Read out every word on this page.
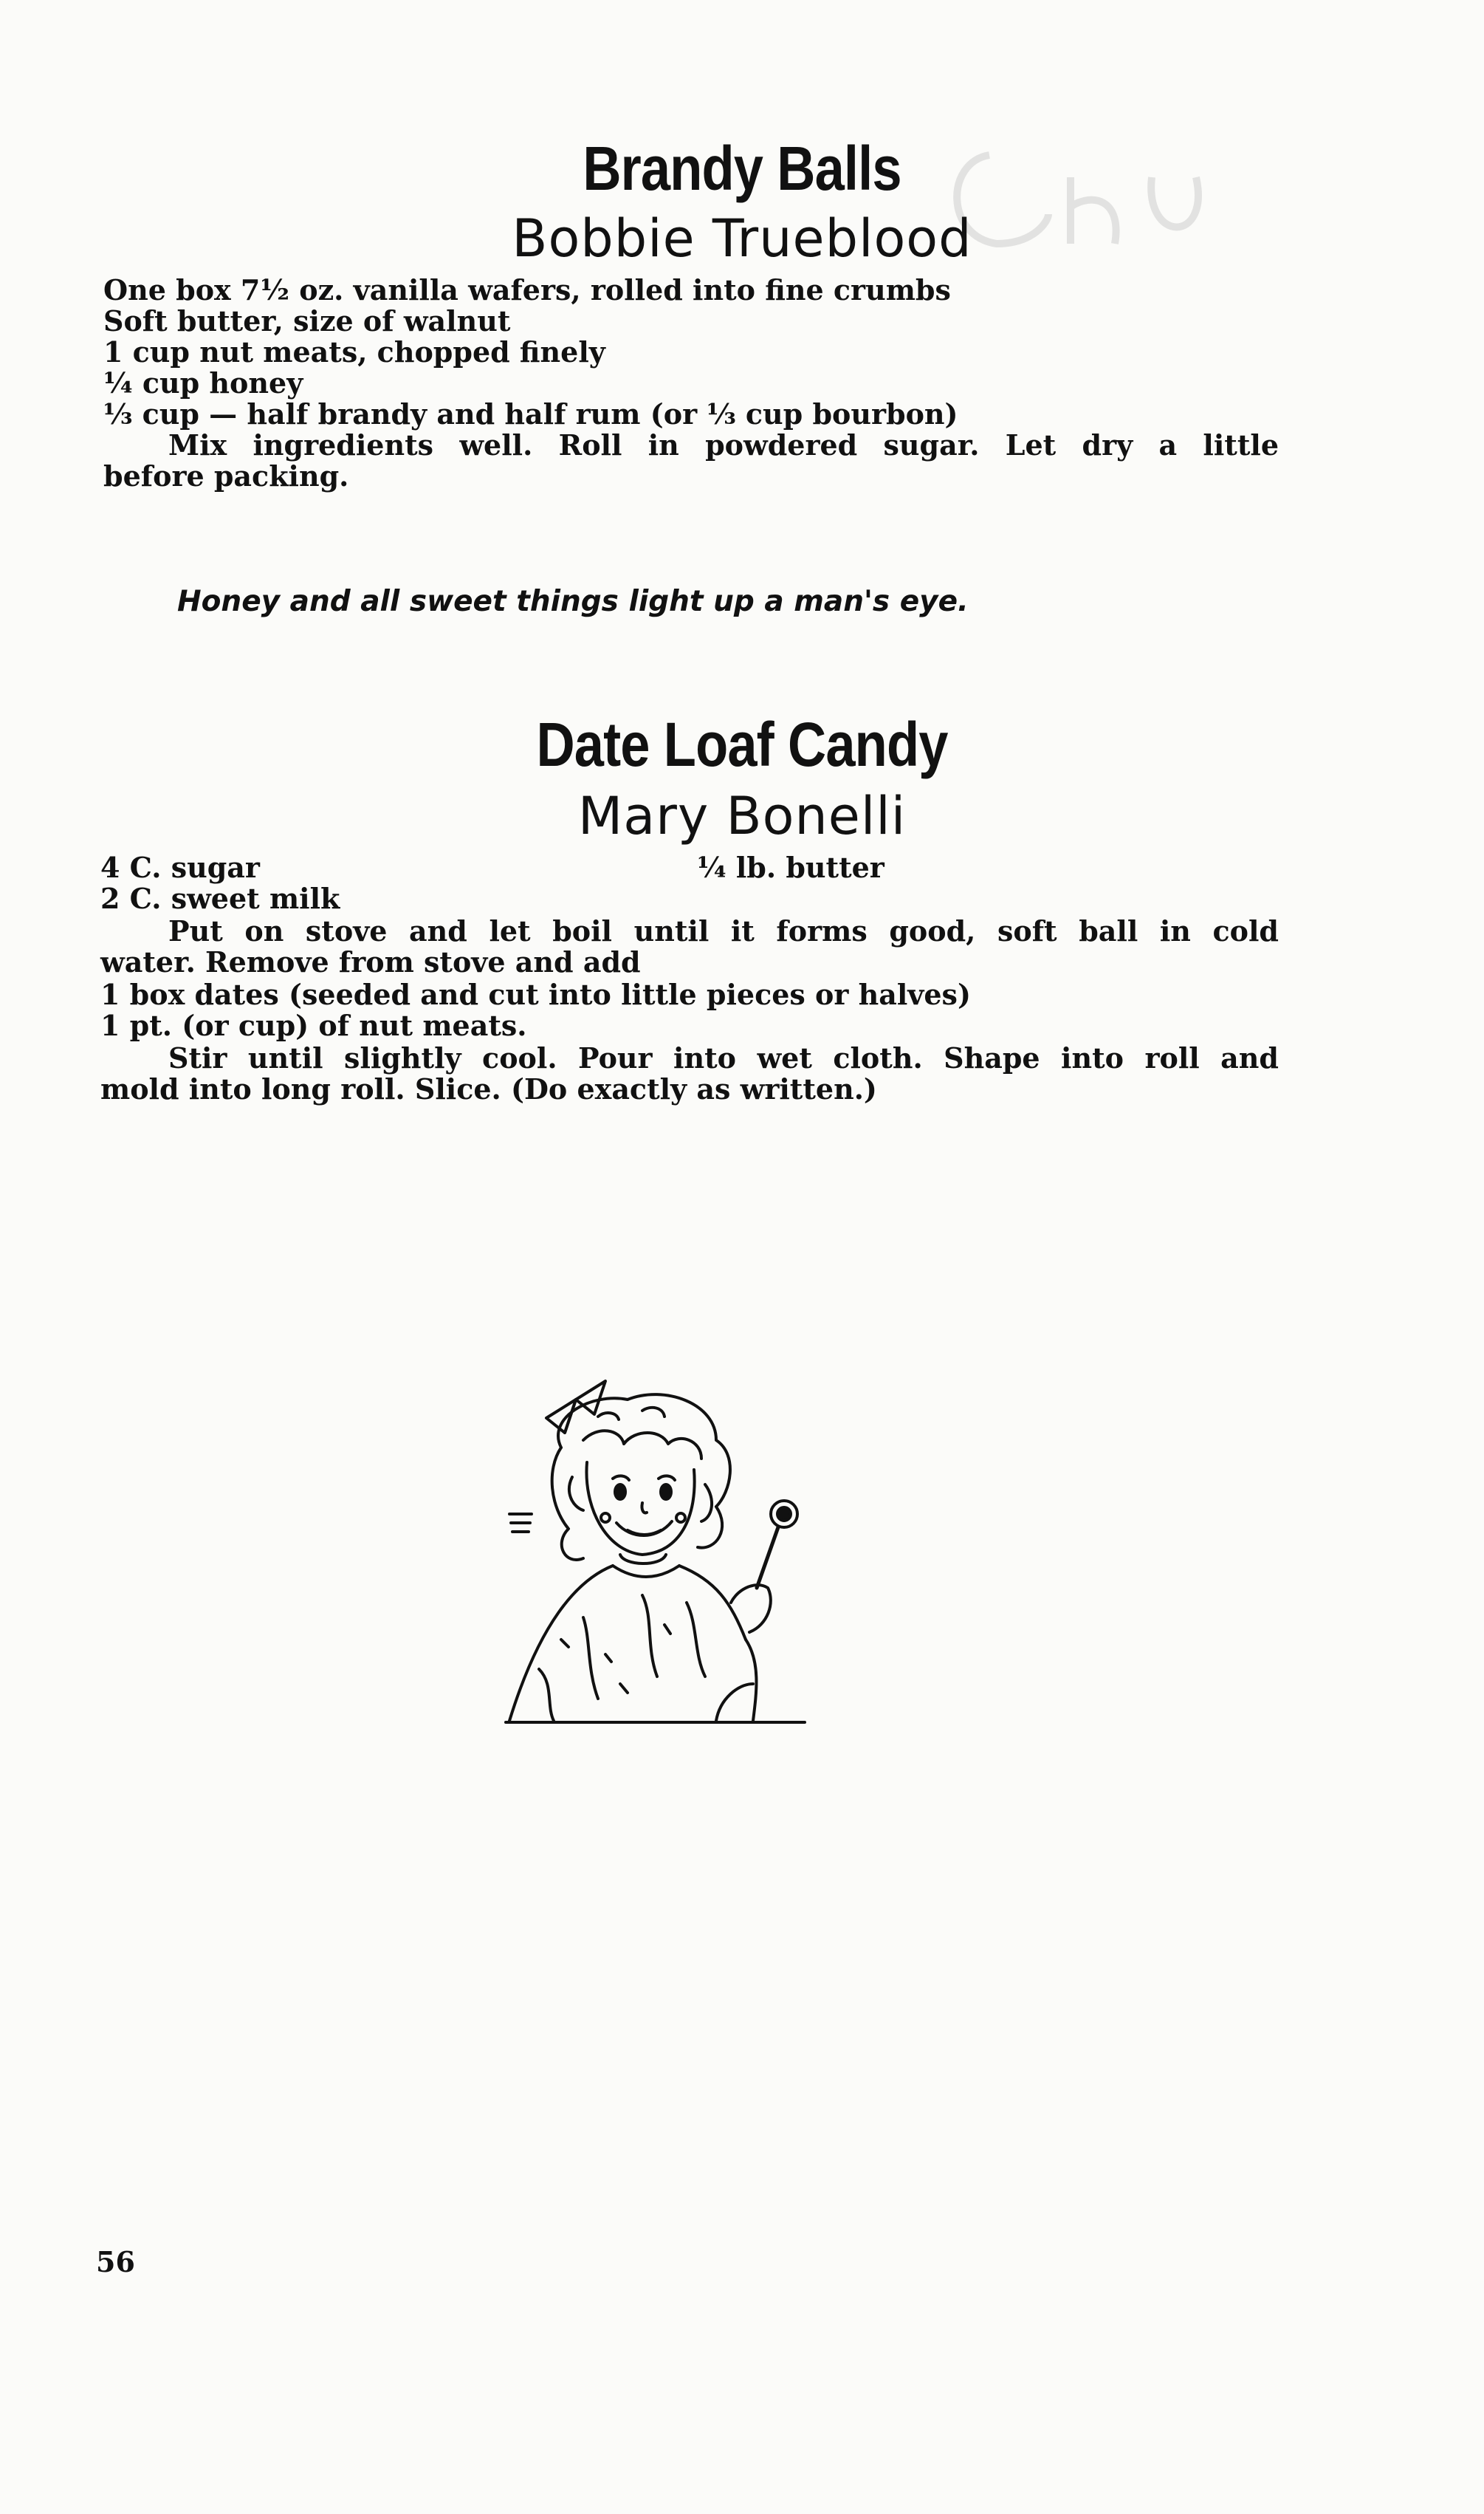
Brandy Balls
Bobbie Trueblood

One box 7½ oz. vanilla wafers, rolled into fine crumbs

Soft butter, size of walnut

1 cup nut meats, chopped finely

¼ cup honey

⅓ cup — half brandy and half rum (or ⅓ cup bourbon)

Mix ingredients well. Roll in powdered sugar. Let dry a little

before packing.

Honey and all sweet things light up a man's eye.

Date Loaf Candy
Mary Bonelli

4 C. sugar	¼ lb. butter

2 C. sweet milk

Put on stove and let boil until it forms good, soft ball in cold

water. Remove from stove and add

1 box dates (seeded and cut into little pieces or halves)

1 pt. (or cup) of nut meats.

Stir until slightly cool. Pour into wet cloth. Shape into roll and

mold into long roll. Slice. (Do exactly as written.)

56
